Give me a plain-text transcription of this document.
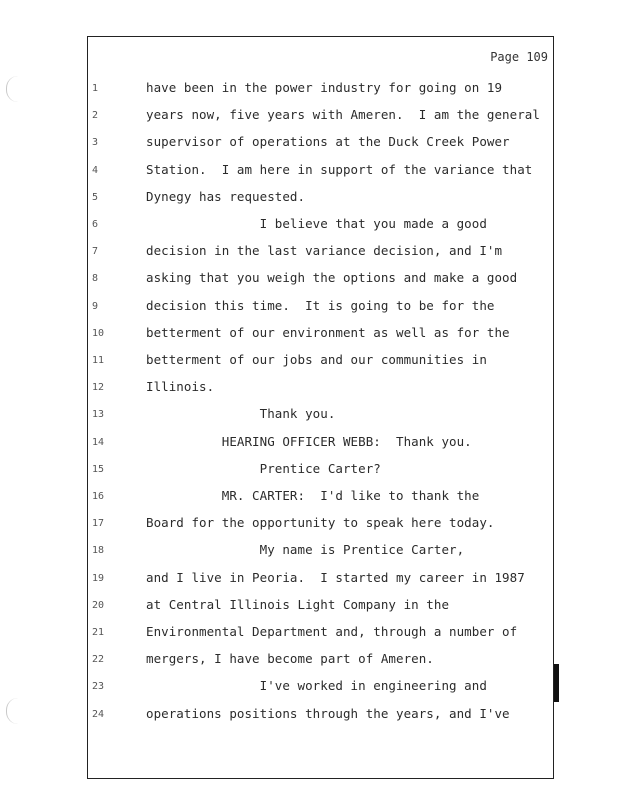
Page 109
1	have been in the power industry for going on 19
2	years now, five years with Ameren.  I am the general
3	supervisor of operations at the Duck Creek Power
4	Station.  I am here in support of the variance that
5	Dynegy has requested.
6	I believe that you made a good
7	decision in the last variance decision, and I'm
8	asking that you weigh the options and make a good
9	decision this time.  It is going to be for the
10	betterment of our environment as well as for the
11	betterment of our jobs and our communities in
12	Illinois.
13	Thank you.
14	HEARING OFFICER WEBB:  Thank you.
15	Prentice Carter?
16	MR. CARTER:  I'd like to thank the
17	Board for the opportunity to speak here today.
18	My name is Prentice Carter,
19	and I live in Peoria.  I started my career in 1987
20	at Central Illinois Light Company in the
21	Environmental Department and, through a number of
22	mergers, I have become part of Ameren.
23	I've worked in engineering and
24	operations positions through the years, and I've
